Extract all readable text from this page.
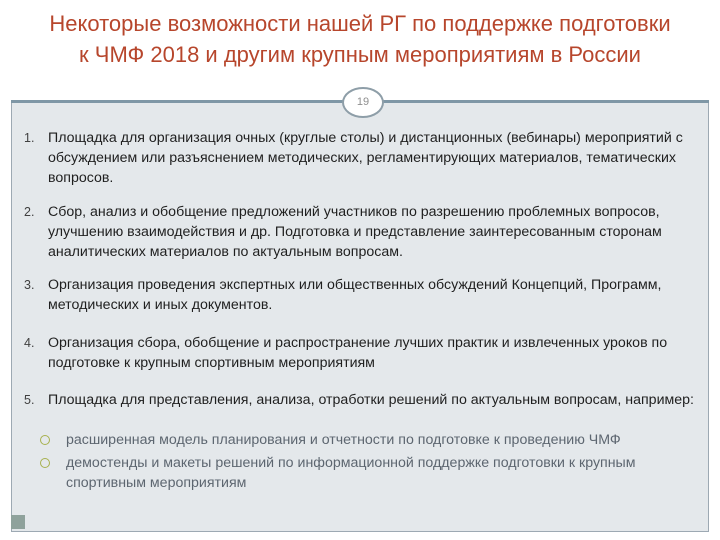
Некоторые возможности нашей РГ по поддержке подготовки
к ЧМФ 2018 и другим крупным мероприятиям в России
19
1. Площадка для организация очных (круглые столы) и дистанционных (вебинары) мероприятий с обсуждением или разъяснением методических, регламентирующих материалов, тематических вопросов.
2. Сбор, анализ и обобщение предложений участников по разрешению проблемных вопросов, улучшению взаимодействия и др. Подготовка и представление заинтересованным сторонам аналитических материалов по актуальным вопросам.
3. Организация проведения экспертных или общественных обсуждений Концепций, Программ, методических и иных документов.
4. Организация сбора, обобщение и распространение лучших практик и извлеченных уроков по подготовке к крупным спортивным мероприятиям
5. Площадка для представления, анализа, отработки решений по актуальным вопросам, например:
расширенная модель планирования и отчетности по подготовке к проведению ЧМФ
демостенды и макеты решений по информационной поддержке подготовки к крупным спортивным мероприятиям
